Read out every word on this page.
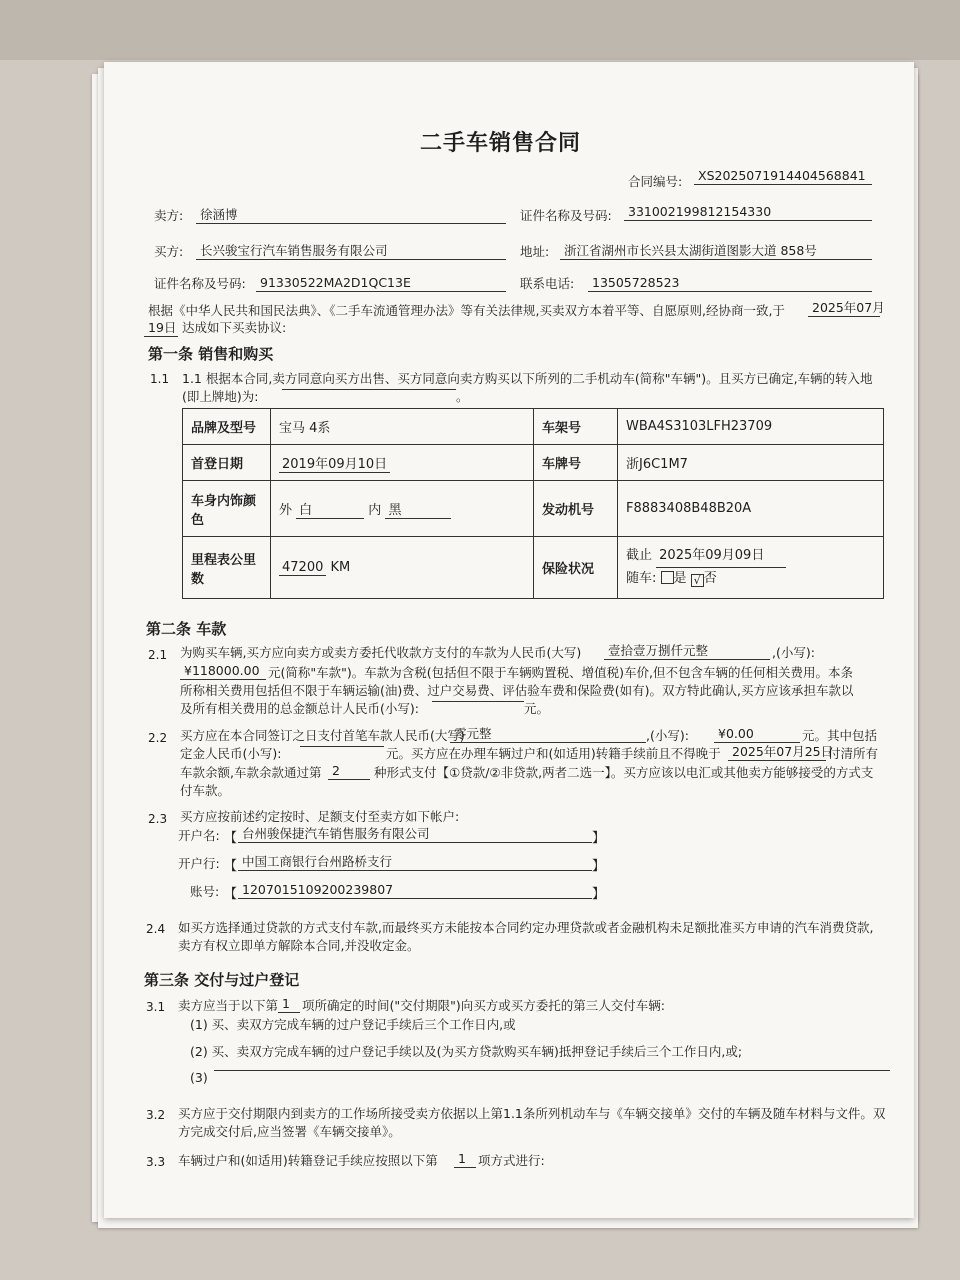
二手车销售合同
合同编号:	XS2025071914404568841
卖方:	徐涵博	证件名称及号码:	331002199812154330
买方:	长兴骏宝行汽车销售服务有限公司	地址:	浙江省湖州市长兴县太湖街道图影大道 858号
证件名称及号码:	91330522MA2D1QC13E	联系电话:	13505728523
根据《中华人民共和国民法典》、《二手车流通管理办法》等有关法律规,买卖双方本着平等、自愿原则,经协商一致,于	2025年07月
19日 达成如下买卖协议:
第一条 销售和购买
1.1 1.1 根据本合同,卖方同意向买方出售、买方同意向卖方购买以下所列的二手机动车(简称"车辆")。且买方已确定,车辆的转入地
(即上牌地)为:	。
品牌及型号	宝马 4系	车架号	WBA4S3103LFH23709
首登日期	2019年09月10日	车牌号	浙J6C1M7
车身内饰颜色	外 白 内 黑	发动机号	F8883408B48B20A
里程表公里数	47200 KM	保险状况	截止 2025年09月09日
随车: 是 √ 否
第二条 车款
2.1 为购买车辆,买方应向卖方或卖方委托代收款方支付的车款为人民币(大写)	壹拾壹万捌仟元整	,(小写):
¥118000.00 元(简称"车款")。车款为含税(包括但不限于车辆购置税、增值税)车价,但不包含车辆的任何相关费用。本条
所称相关费用包括但不限于车辆运输(油)费、过户交易费、评估验车费和保险费(如有)。双方特此确认,买方应该承担车款以
及所有相关费用的总金额总计人民币(小写):	元。
2.2 买方应在本合同签订之日支付首笔车款人民币(大写)
零元整	,(小写):	¥0.00	元。其中包括
定金人民币(小写):	元。买方应在办理车辆过户和(如适用)转籍手续前且不得晚于 2025年07月25日
付清所有
车款余额,车款余款通过第 2	种形式支付【①贷款/②非贷款,两者二选一】。买方应该以电汇或其他卖方能够接受的方式支
付车款。
2.3 买方应按前述约定按时、足额支付至卖方如下帐户:
开户名: 【 台州骏保捷汽车销售服务有限公司	】
开户行: 【 中国工商银行台州路桥支行	】
账号: 【 1207015109200239807	】
2.4 如买方选择通过贷款的方式支付车款,而最终买方未能按本合同约定办理贷款或者金融机构未足额批准买方申请的汽车消费贷款,
卖方有权立即单方解除本合同,并没收定金。
第三条 交付与过户登记
3.1 卖方应当于以下第 1 项所确定的时间("交付期限")向买方或买方委托的第三人交付车辆:
(1) 买、卖双方完成车辆的过户登记手续后三个工作日内,或
(2) 买、卖双方完成车辆的过户登记手续以及(为买方贷款购买车辆)抵押登记手续后三个工作日内,或;
(3)
3.2 买方应于交付期限内到卖方的工作场所接受卖方依据以上第1.1条所列机动车与《车辆交接单》交付的车辆及随车材料与文件。双
方完成交付后,应当签署《车辆交接单》。
3.3 车辆过户和(如适用)转籍登记手续应按照以下第	1 项方式进行:
